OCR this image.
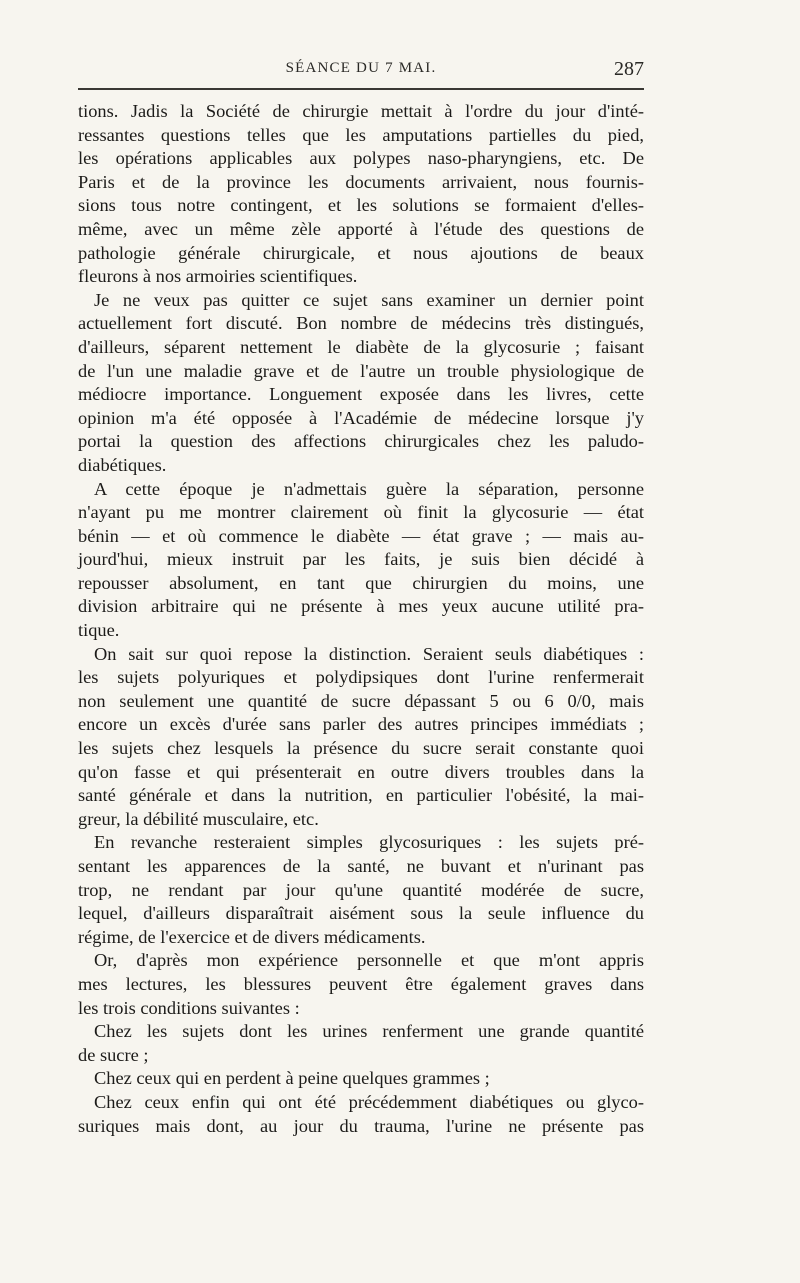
SÉANCE DU 7 MAI.	287
tions. Jadis la Société de chirurgie mettait à l'ordre du jour d'inté-
ressantes questions telles que les amputations partielles du pied,
les opérations applicables aux polypes naso-pharyngiens, etc. De
Paris et de la province les documents arrivaient, nous fournis-
sions tous notre contingent, et les solutions se formaient d'elles-
même, avec un même zèle apporté à l'étude des questions de
pathologie générale chirurgicale, et nous ajoutions de beaux
fleurons à nos armoiries scientifiques.
Je ne veux pas quitter ce sujet sans examiner un dernier point
actuellement fort discuté. Bon nombre de médecins très distingués,
d'ailleurs, séparent nettement le diabète de la glycosurie ; faisant
de l'un une maladie grave et de l'autre un trouble physiologique de
médiocre importance. Longuement exposée dans les livres, cette
opinion m'a été opposée à l'Académie de médecine lorsque j'y
portai la question des affections chirurgicales chez les paludo-
diabétiques.
A cette époque je n'admettais guère la séparation, personne
n'ayant pu me montrer clairement où finit la glycosurie — état
bénin — et où commence le diabète — état grave ; — mais au-
jourd'hui, mieux instruit par les faits, je suis bien décidé à
repousser absolument, en tant que chirurgien du moins, une
division arbitraire qui ne présente à mes yeux aucune utilité pra-
tique.
On sait sur quoi repose la distinction. Seraient seuls diabétiques :
les sujets polyuriques et polydipsiques dont l'urine renfermerait
non seulement une quantité de sucre dépassant 5 ou 6 0/0, mais
encore un excès d'urée sans parler des autres principes immédiats ;
les sujets chez lesquels la présence du sucre serait constante quoi
qu'on fasse et qui présenterait en outre divers troubles dans la
santé générale et dans la nutrition, en particulier l'obésité, la mai-
greur, la débilité musculaire, etc.
En revanche resteraient simples glycosuriques : les sujets pré-
sentant les apparences de la santé, ne buvant et n'urinant pas
trop, ne rendant par jour qu'une quantité modérée de sucre,
lequel, d'ailleurs disparaîtrait aisément sous la seule influence du
régime, de l'exercice et de divers médicaments.
Or, d'après mon expérience personnelle et que m'ont appris
mes lectures, les blessures peuvent être également graves dans
les trois conditions suivantes :
Chez les sujets dont les urines renferment une grande quantité
de sucre ;
Chez ceux qui en perdent à peine quelques grammes ;
Chez ceux enfin qui ont été précédemment diabétiques ou glyco-
suriques mais dont, au jour du trauma, l'urine ne présente pas
